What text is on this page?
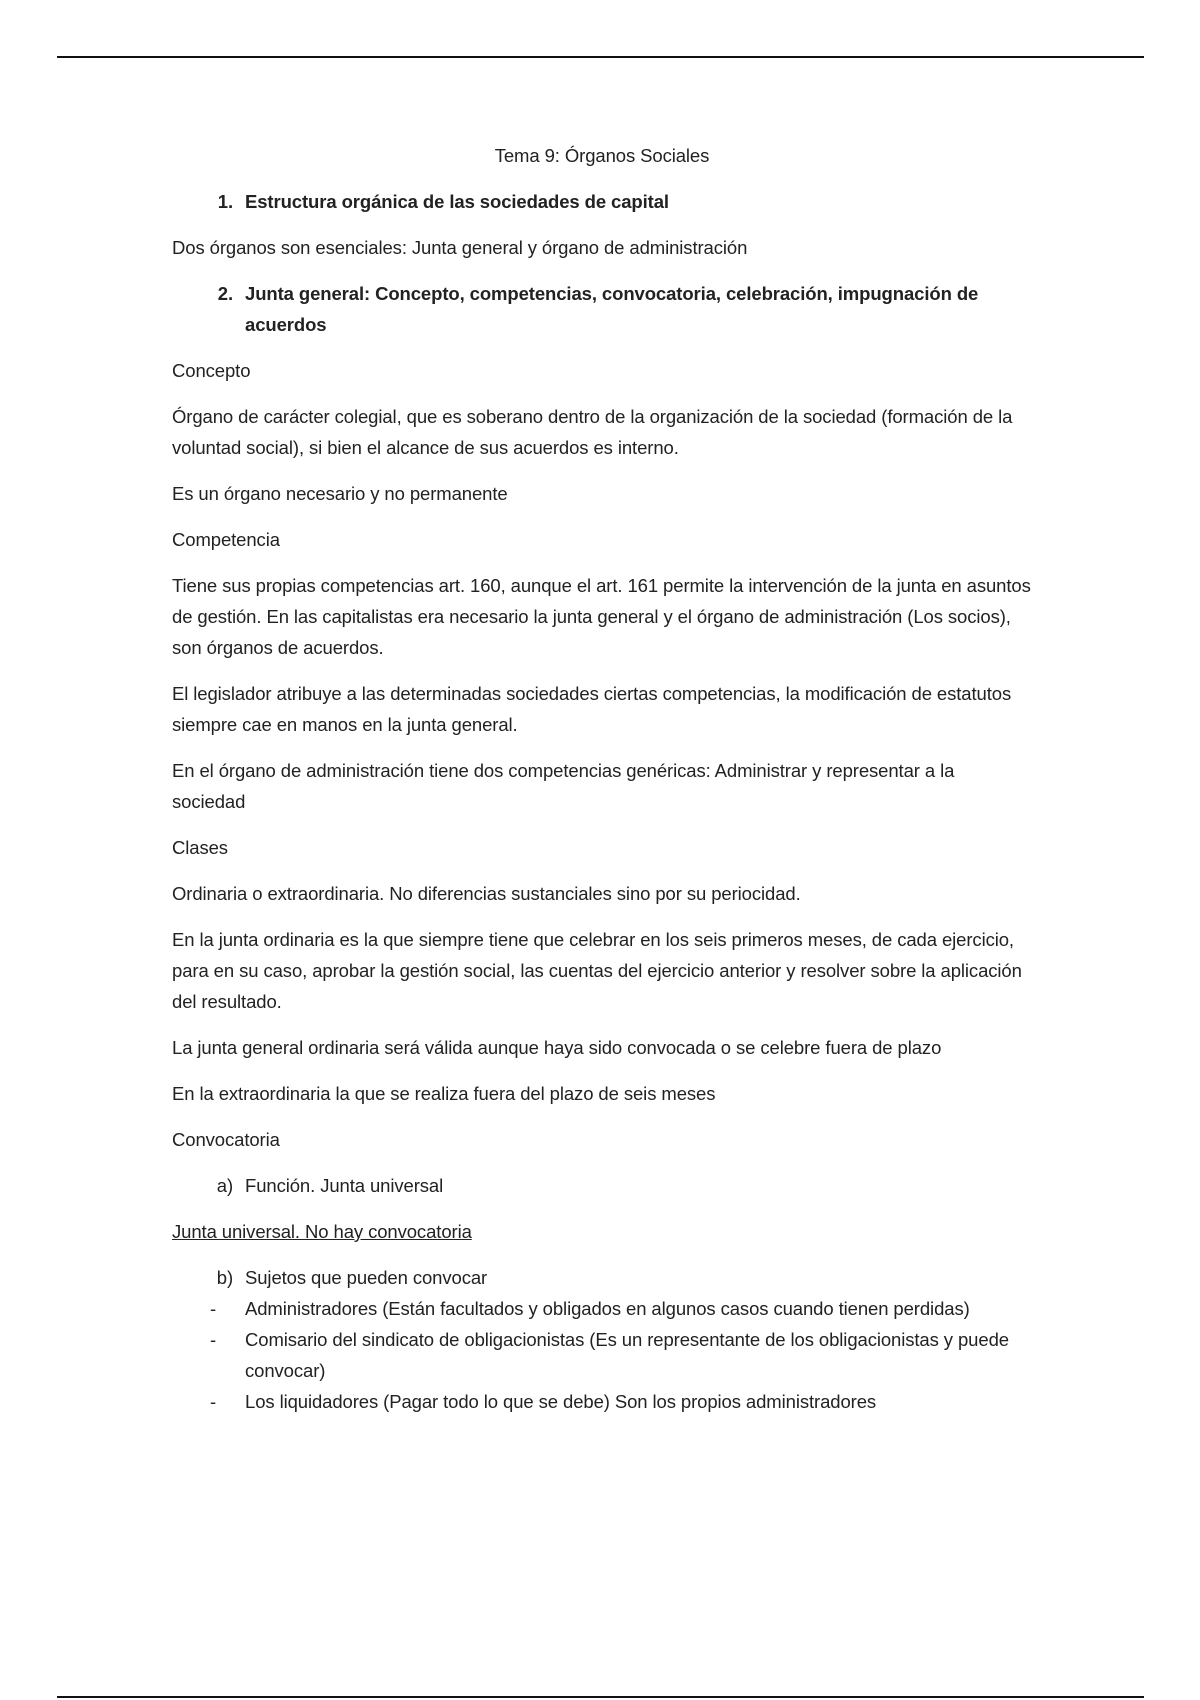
Tema 9: Órganos Sociales
1. Estructura orgánica de las sociedades de capital

Dos órganos son esenciales: Junta general y órgano de administración

2. Junta general: Concepto, competencias, convocatoria, celebración, impugnación de acuerdos

Concepto

Órgano de carácter colegial, que es soberano dentro de la organización de la sociedad (formación de la voluntad social), si bien el alcance de sus acuerdos es interno.

Es un órgano necesario y no permanente

Competencia

Tiene sus propias competencias art. 160, aunque el art. 161 permite la intervención de la junta en asuntos de gestión. En las capitalistas era necesario la junta general y el órgano de administración (Los socios), son órganos de acuerdos.

El legislador atribuye a las determinadas sociedades ciertas competencias, la modificación de estatutos siempre cae en manos en la junta general.

En el órgano de administración tiene dos competencias genéricas: Administrar y representar a la sociedad

Clases

Ordinaria o extraordinaria. No diferencias sustanciales sino por su periocidad.

En la junta ordinaria es la que siempre tiene que celebrar en los seis primeros meses, de cada ejercicio, para en su caso, aprobar la gestión social, las cuentas del ejercicio anterior y resolver sobre la aplicación del resultado.

La junta general ordinaria será válida aunque haya sido convocada o se celebre fuera de plazo

En la extraordinaria la que se realiza fuera del plazo de seis meses

Convocatoria

a) Función. Junta universal

Junta universal. No hay convocatoria

b) Sujetos que pueden convocar
-	Administradores (Están facultados y obligados en algunos casos cuando tienen perdidas)
-	Comisario del sindicato de obligacionistas (Es un representante de los obligacionistas y puede convocar)
-	Los liquidadores (Pagar todo lo que se debe) Son los propios administradores
